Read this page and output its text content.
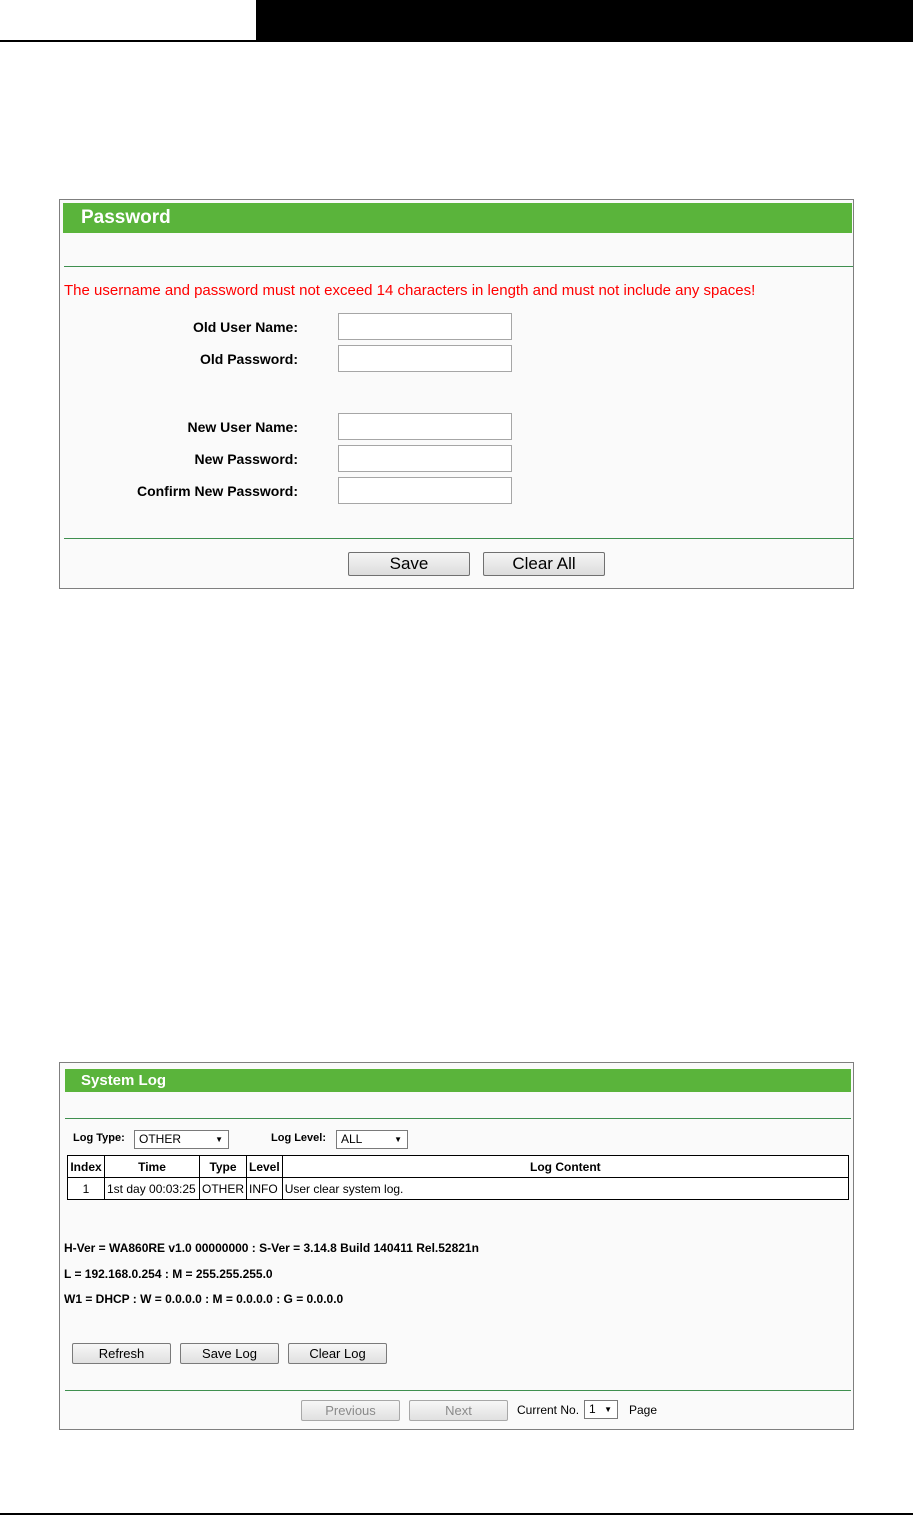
Password
The username and password must not exceed 14 characters in length and must not include any spaces!
Old User Name:
Old Password:
New User Name:
New Password:
Confirm New Password:
Save	Clear All
System Log
Log Type:	OTHER	▼	Log Level:	ALL	▼
Index	Time	Type	Level	Log Content
1	1st day 00:03:25	OTHER	INFO	User clear system log.
H-Ver = WA860RE v1.0 00000000 : S-Ver = 3.14.8 Build 140411 Rel.52821n
L = 192.168.0.254 : M = 255.255.255.0
W1 = DHCP : W = 0.0.0.0 : M = 0.0.0.0 : G = 0.0.0.0
Refresh	Save Log	Clear Log
Previous	Next	Current No. 1 ▼ Page
